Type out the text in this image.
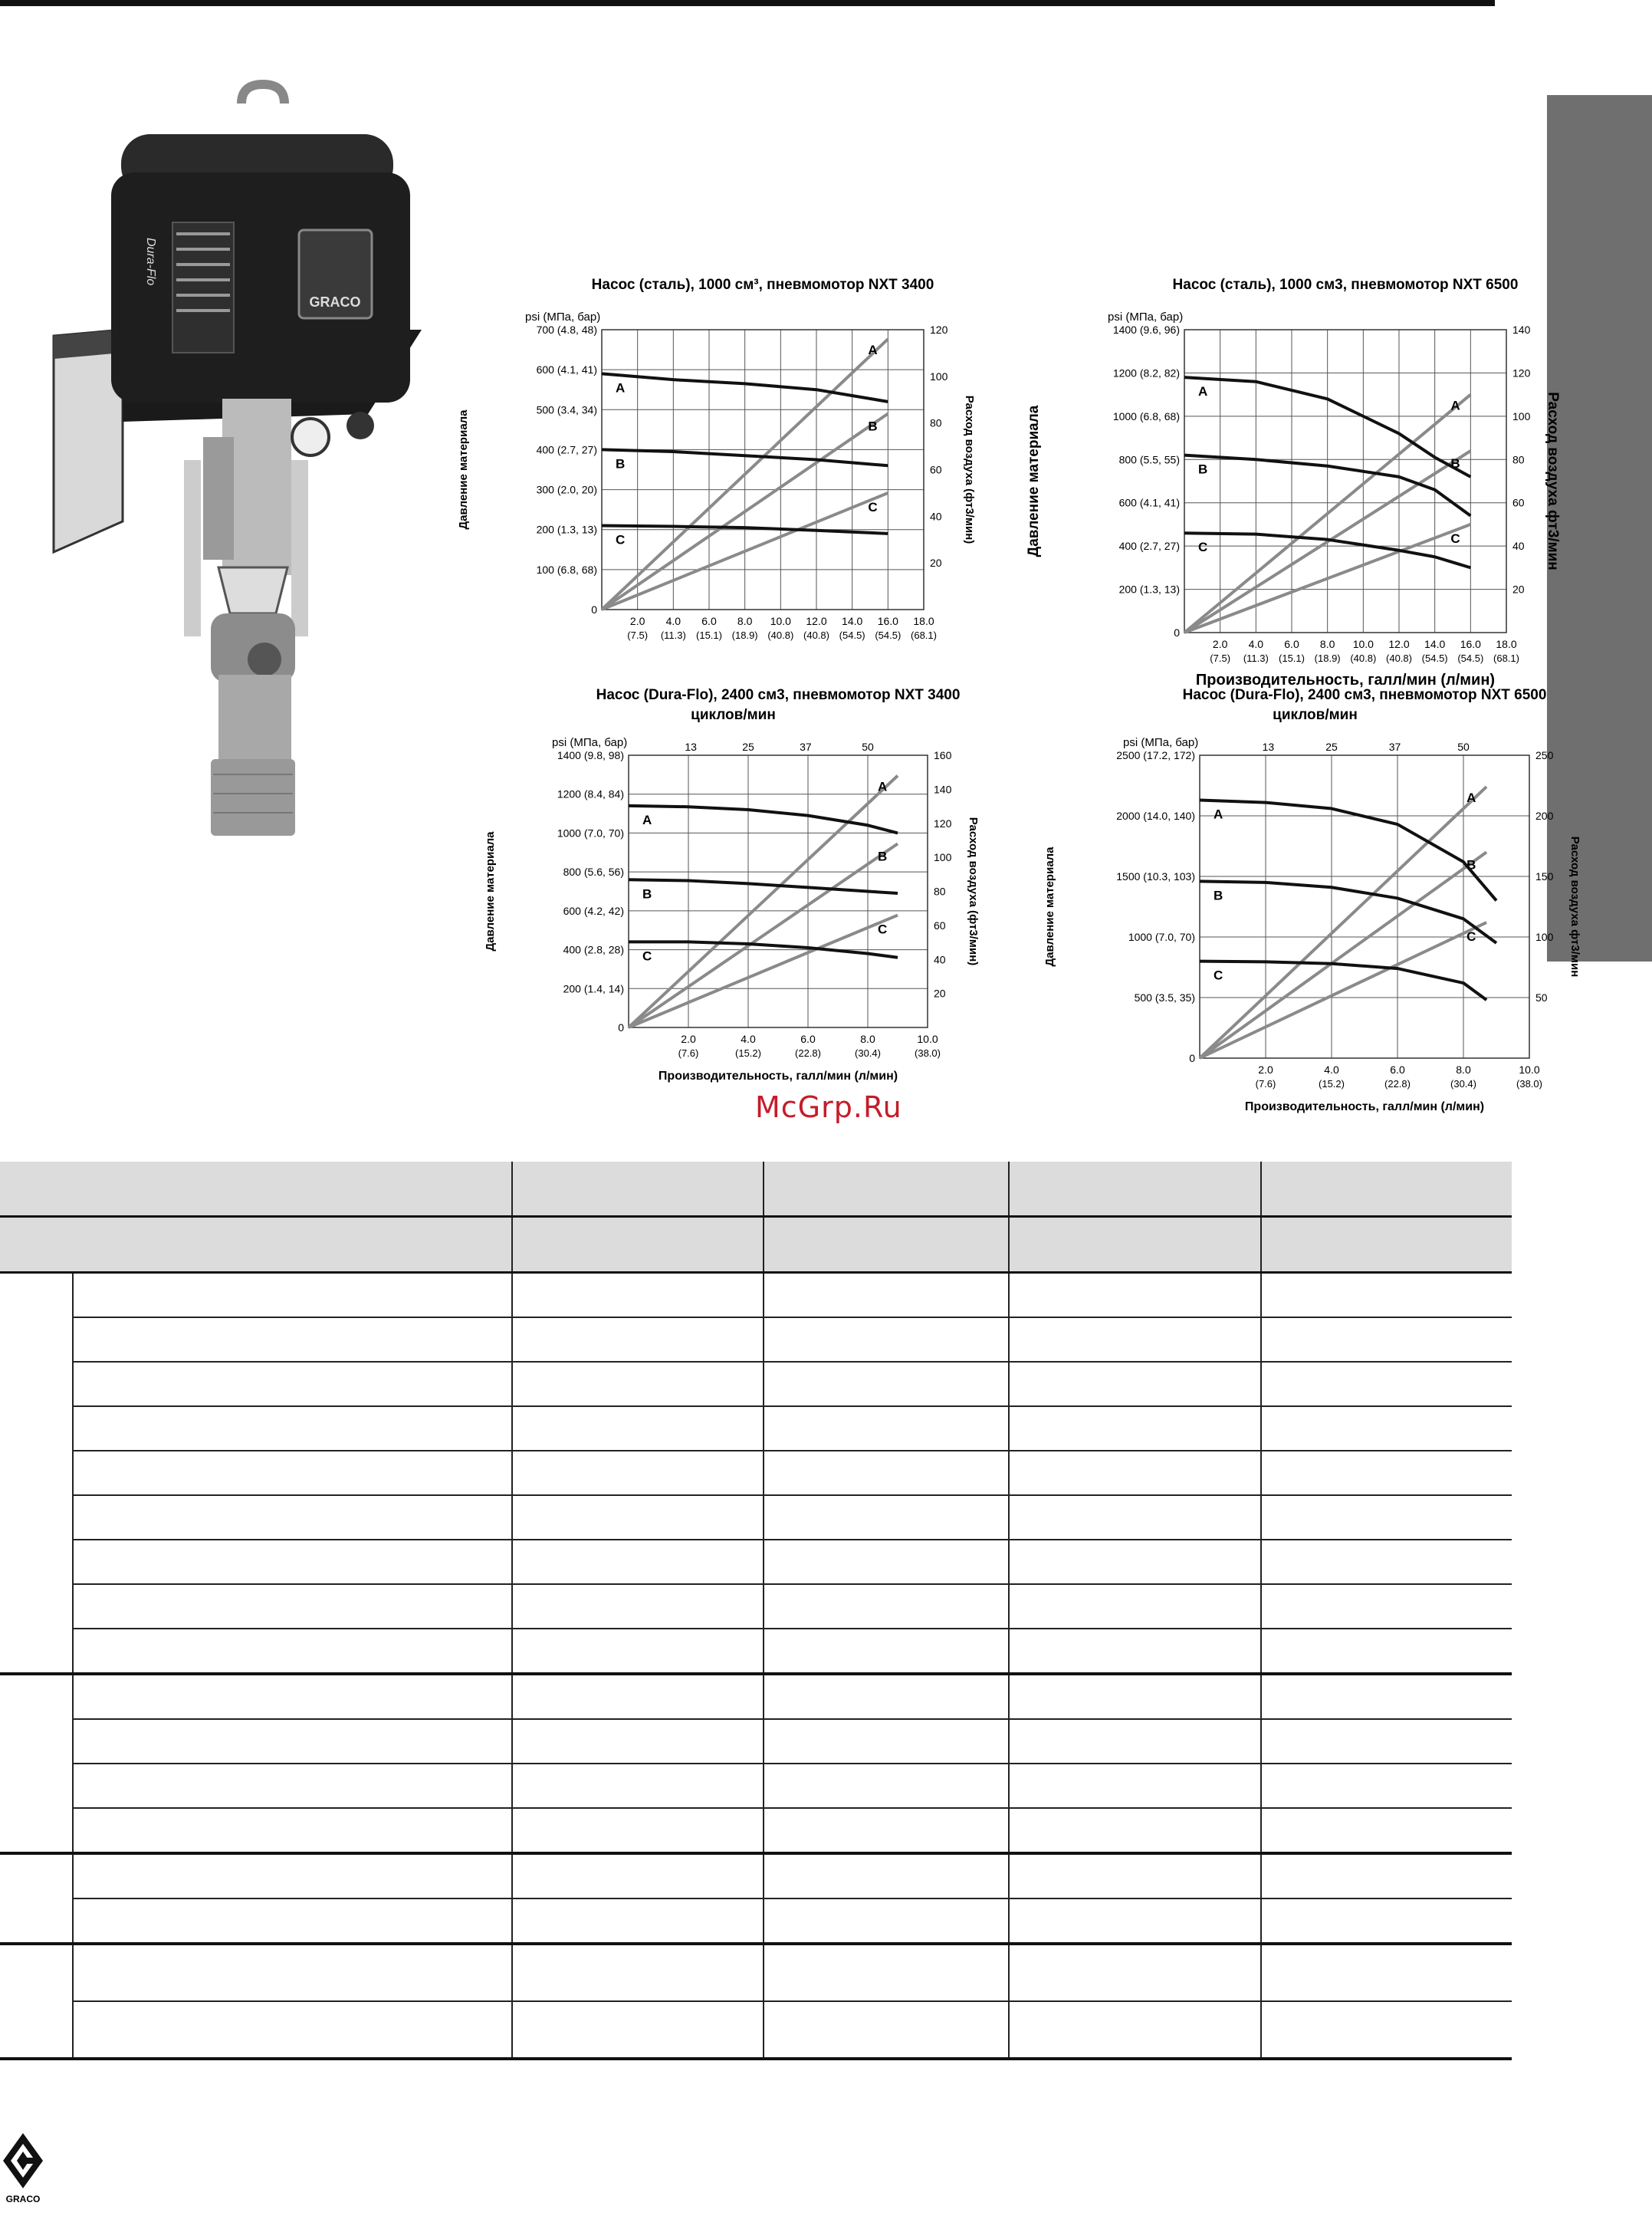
GRACO
Dura-Flo	Насос (сталь), 1000 см³, пневмомотор NXT 3400
psi (МПа, бар)
0
100 (6.8, 68)
200 (1.3, 13)
300 (2.0, 20)
400 (2.7, 27)
500 (3.4, 34)
600 (4.1, 41)
700 (4.8, 48)
20
40
60
80
100
120
2.0
(7.5)
4.0
(11.3)
6.0
(15.1)
8.0
(18.9)
10.0
(40.8)
12.0
(40.8)
14.0
(54.5)
16.0
(54.5)
18.0
(68.1)
Давление материала	Расход воздуха (фт3/мин)
A
B
C
A
B
C
Насос (сталь), 1000 см3, пневмомотор NXT 6500
psi (МПа, бар)
0
200 (1.3, 13)
400 (2.7, 27)
600 (4.1, 41)
800 (5.5, 55)
1000 (6.8, 68)
1200 (8.2, 82)
1400 (9.6, 96)
20
40
60
80
100
120
140
2.0
(7.5)
4.0
(11.3)
6.0
(15.1)
8.0
(18.9)
10.0
(40.8)
12.0
(40.8)
14.0
(54.5)
16.0
(54.5)
18.0
(68.1)
Производительность, галл/мин (л/мин)
Давление материала	Расход воздуха фт3/мин
A
B
C
A
B
C
Насос (Dura-Flo), 2400 см3, пневмомотор NXT 3400
psi (МПа, бар)
циклов/мин
13	25	37	50
0
200 (1.4, 14)
400 (2.8, 28)
600 (4.2, 42)
800 (5.6, 56)
1000 (7.0, 70)
1200 (8.4, 84)
1400 (9.8, 98)
20
40
60
80
100
120
140
160
2.0
(7.6)
4.0
(15.2)
6.0
(22.8)
8.0
(30.4)
10.0
(38.0)
Производительность, галл/мин (л/мин)
Давление материала	Расход воздуха (фт3/мин)
A
B
C
A
B
C
Насос (Dura-Flo), 2400 см3, пневмомотор NXT 6500
psi (МПа, бар)
циклов/мин
13	25	37	50
0
500 (3.5, 35)
1000 (7.0, 70)
1500 (10.3, 103)
2000 (14.0, 140)
2500 (17.2, 172)
50
100
150
200
250
2.0
(7.6)
4.0
(15.2)
6.0
(22.8)
8.0
(30.4)
10.0
(38.0)
Производительность, галл/мин (л/мин)
Давление материала	Расход воздуха фт3/мин
A
B
C
A
B
C
McGrp.Ru

GRACO
